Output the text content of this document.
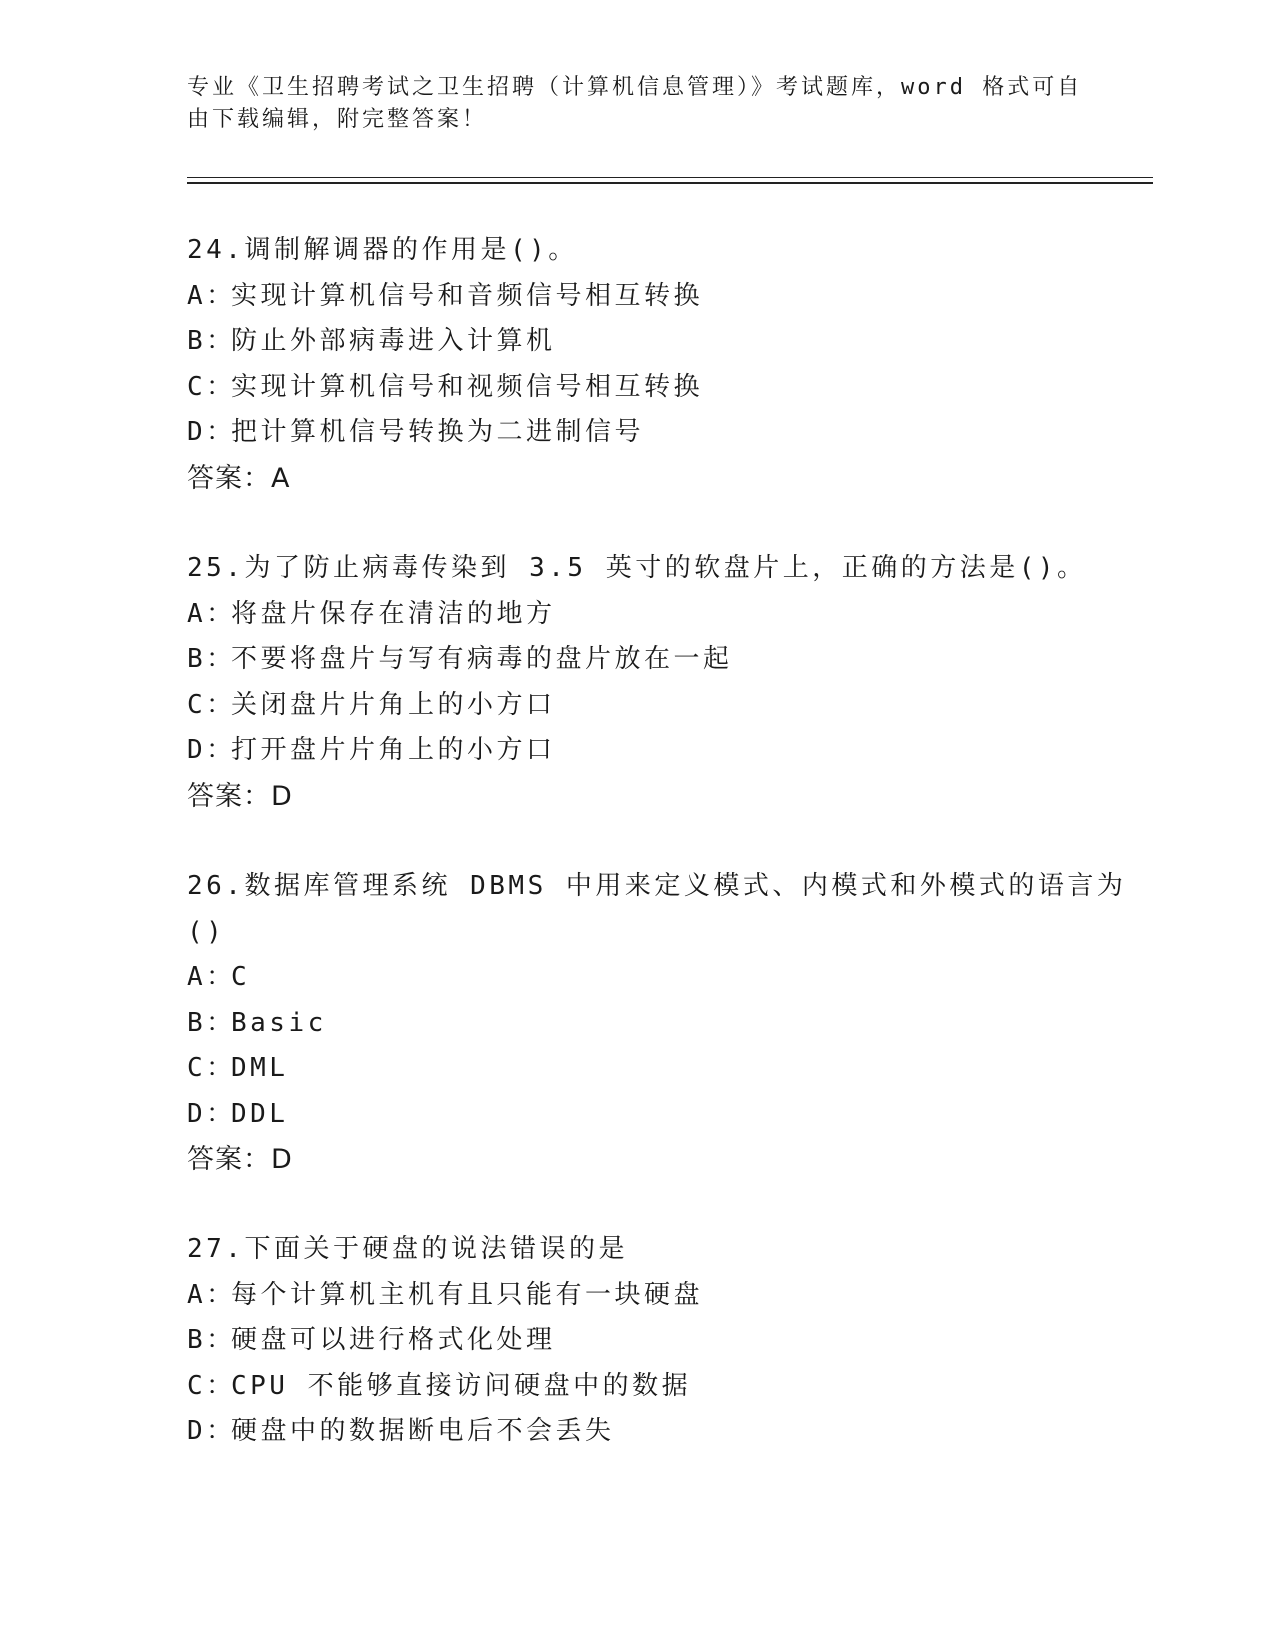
专业《卫生招聘考试之卫生招聘（计算机信息管理）》考试题库，word 格式可自
由下载编辑，附完整答案！
24.调制解调器的作用是()。
A：
实现计算机信号和音频信号相互转换
B：
防止外部病毒进入计算机
C：
实现计算机信号和视频信号相互转换
D：
把计算机信号转换为二进制信号
答案：A
25.为了防止病毒传染到 3.5 英寸的软盘片上，正确的方法是()。
A：
将盘片保存在清洁的地方
B：
不要将盘片与写有病毒的盘片放在一起
C：
关闭盘片片角上的小方口
D：
打开盘片片角上的小方口
答案：D
26.数据库管理系统 DBMS 中用来定义模式、内模式和外模式的语言为
()
A：
C
B：
Basic
C：
DML
D：
DDL
答案：D
27.下面关于硬盘的说法错误的是
A：
每个计算机主机有且只能有一块硬盘
B：
硬盘可以进行格式化处理
C：
CPU 不能够直接访问硬盘中的数据
D：
硬盘中的数据断电后不会丢失
